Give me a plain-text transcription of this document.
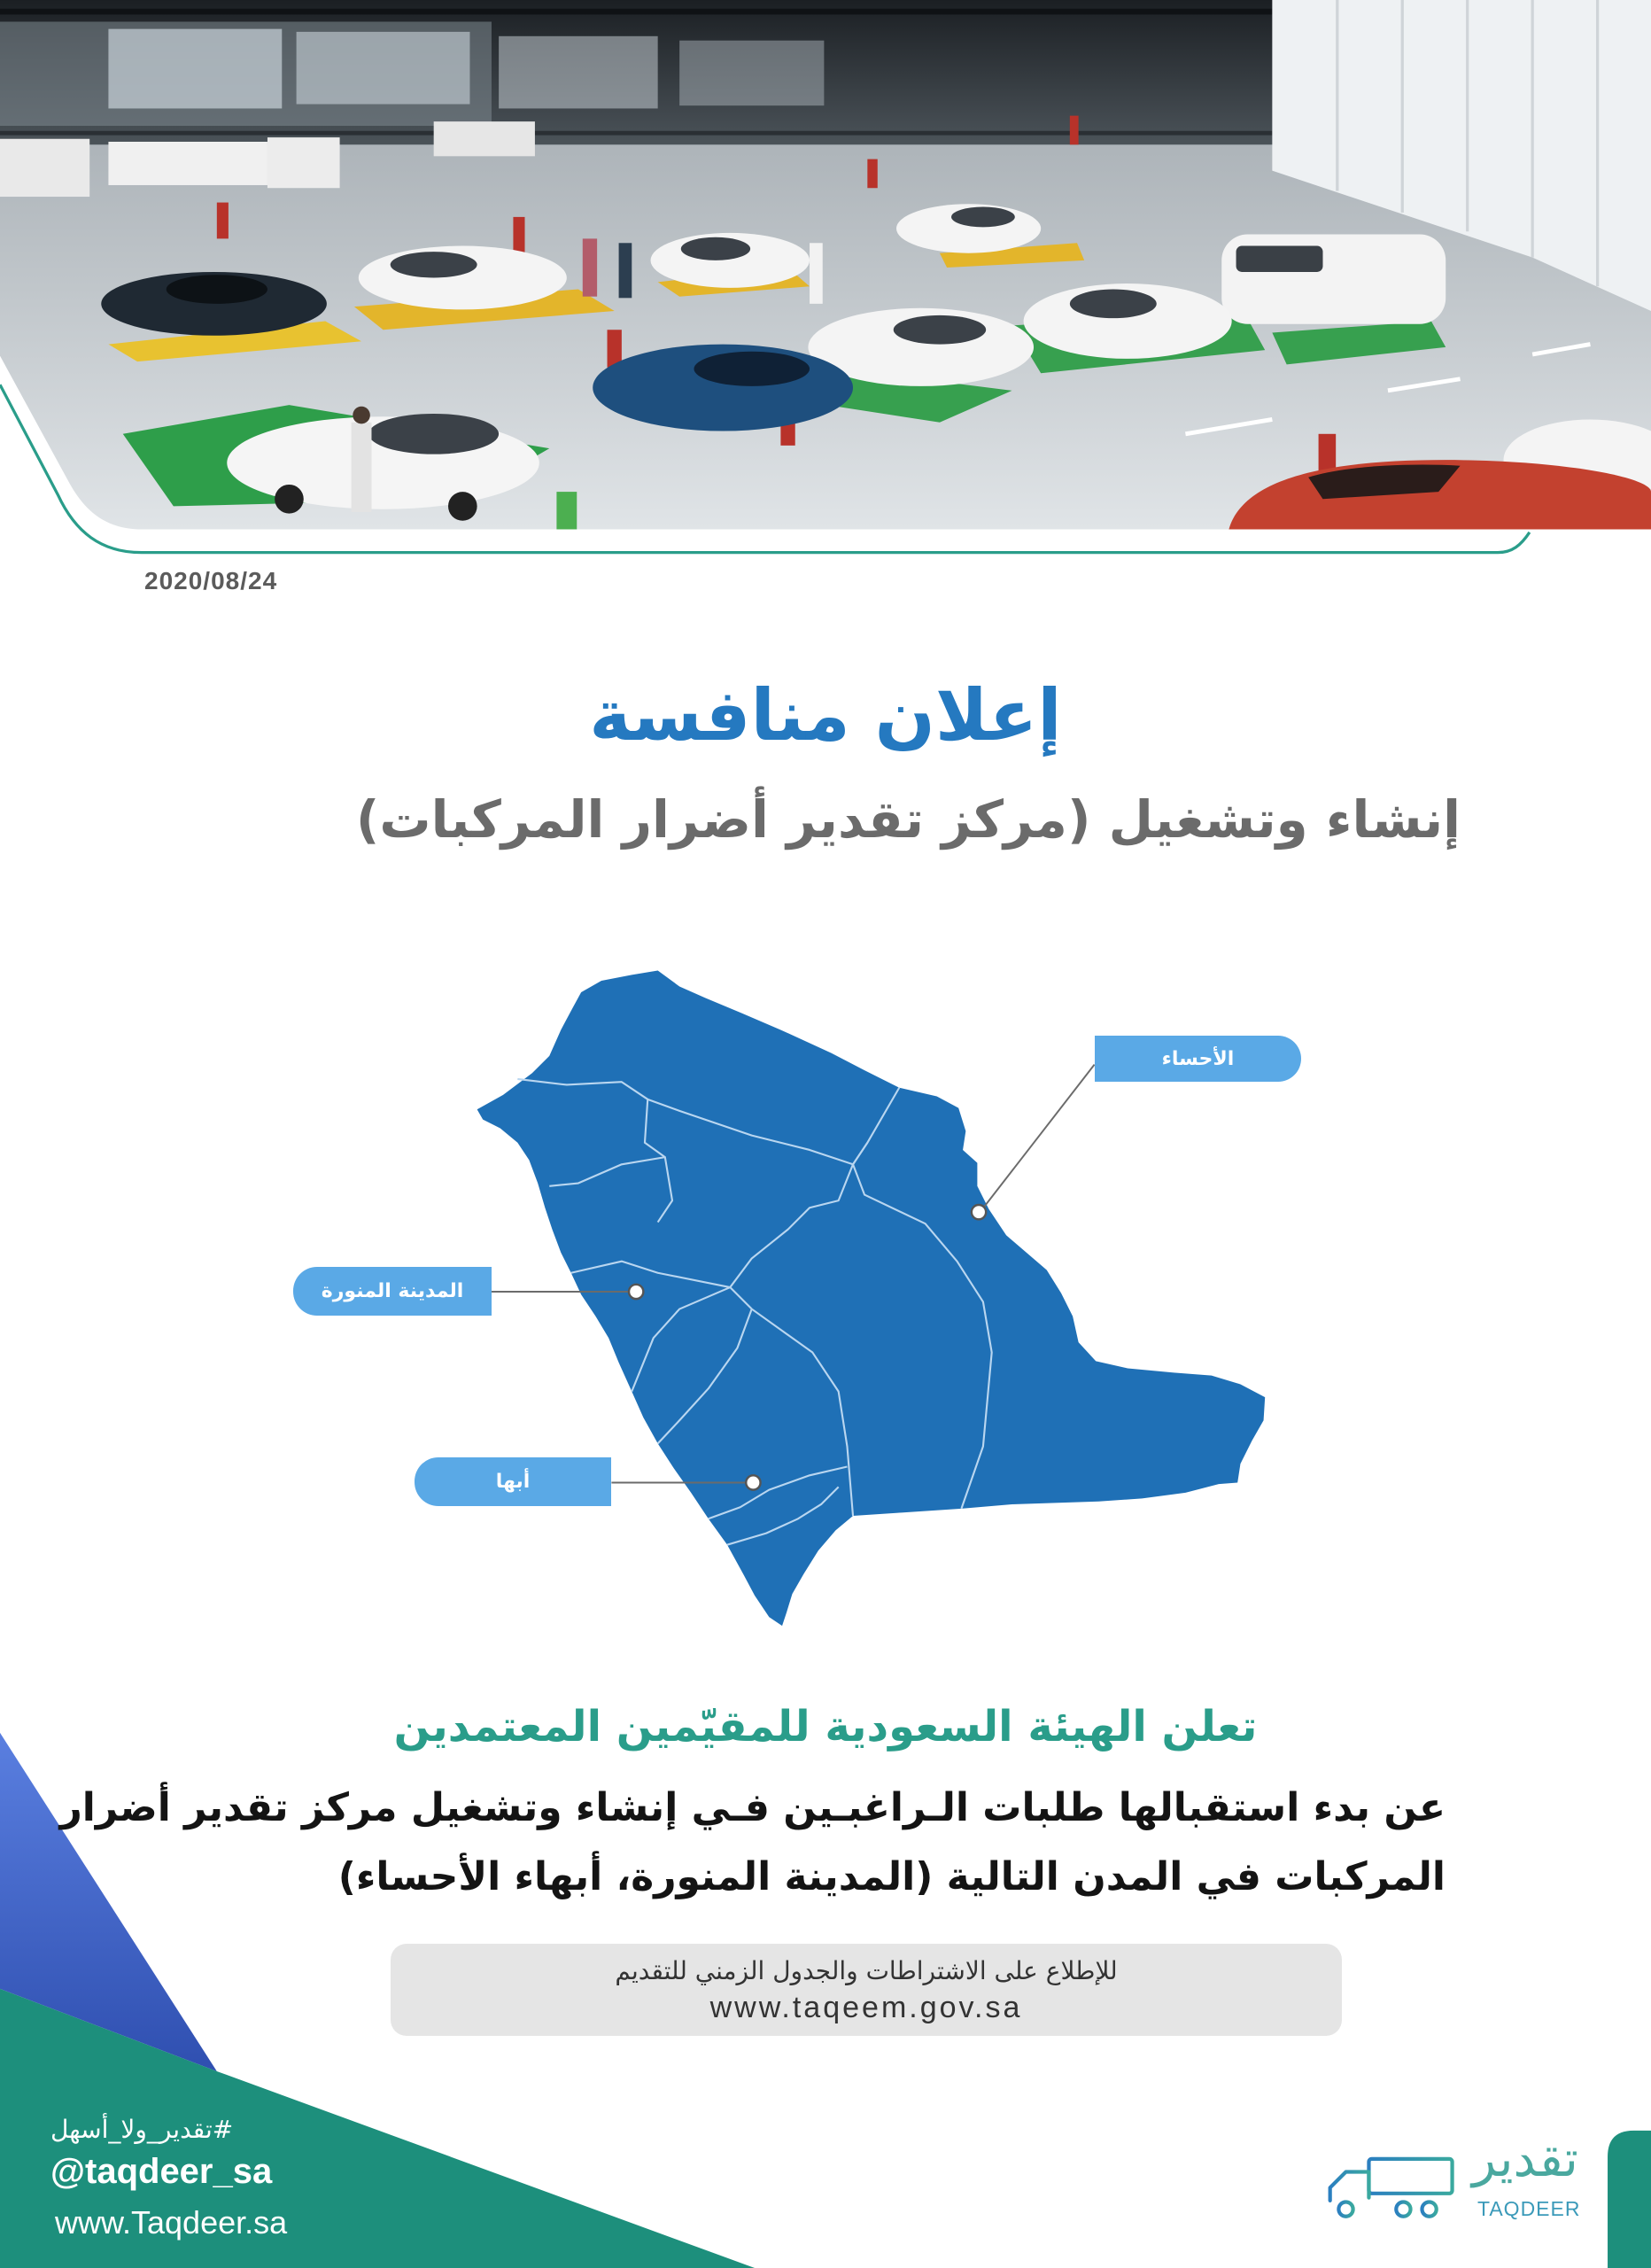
2020/08/24
إعلان منافسة
إنشاء وتشغيل (مركز تقدير أضرار المركبات)
الأحساء
المدينة المنورة
أبها
تعلن الهيئة السعودية للمقيّمين المعتمدين
عن بدء استقبالها طلبات الـراغبـين فـي إنشاء وتشغيل مركز تقدير أضرار
المركبات في المدن التالية (المدينة المنورة، أبهاء الأحساء)
للإطلاع على الاشتراطات والجدول الزمني للتقديم
www.taqeem.gov.sa
#تقدير_ولا_أسهل
@taqdeer_sa
www.Taqdeer.sa
تقدير
TAQDEER
